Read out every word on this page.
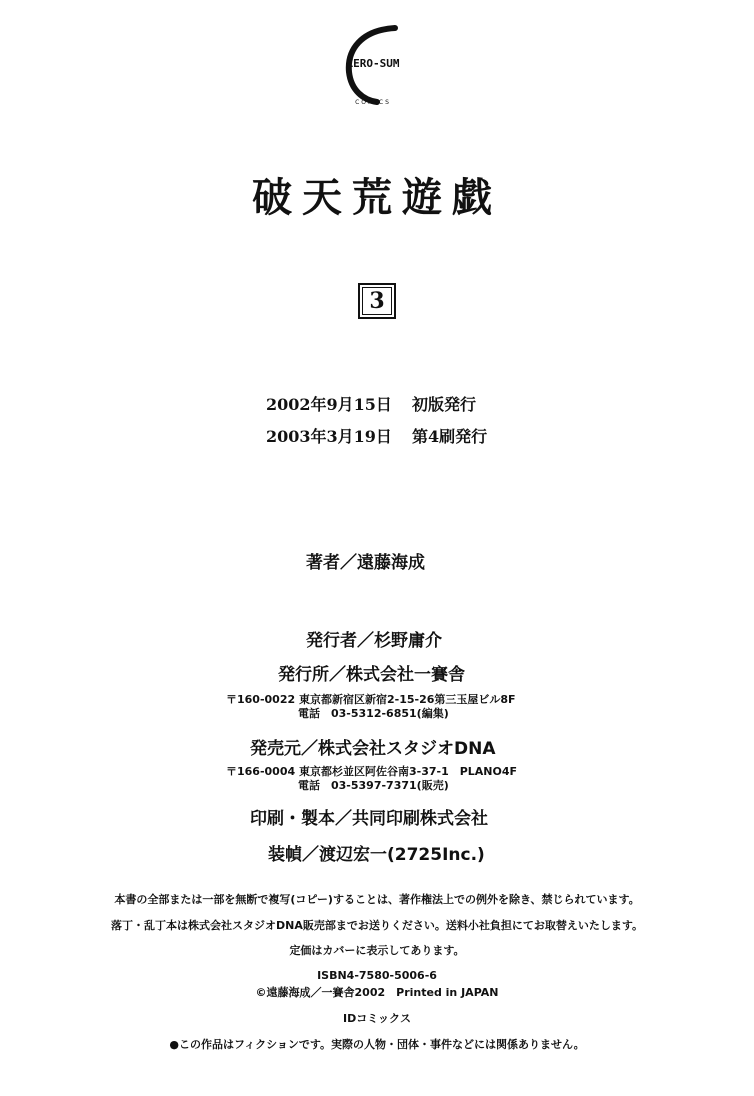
ZERO-SUM
COMICS
破天荒遊戯
3
2002年9月15日 初版発行
2003年3月19日 第4刷発行
著者／遠藤海成
発行者／杉野庸介
発行所／株式会社一賽舎
〒160-0022 東京都新宿区新宿2-15-26第三玉屋ビル8F
電話　03-5312-6851(編集)
発売元／株式会社スタジオDNA
〒166-0004 東京都杉並区阿佐谷南3-37-1　PLANO4F
電話　03-5397-7371(販売)
印刷・製本／共同印刷株式会社
装幀／渡辺宏一(2725Inc.)
本書の全部または一部を無断で複写(コピー)することは、著作権法上での例外を除き、禁じられています。
落丁・乱丁本は株式会社スタジオDNA販売部までお送りください。送料小社負担にてお取替えいたします。
定価はカバーに表示してあります。
ISBN4-7580-5006-6
©遠藤海成／一賽舎2002　Printed in JAPAN
IDコミックス
●この作品はフィクションです。実際の人物・団体・事件などには関係ありません。
